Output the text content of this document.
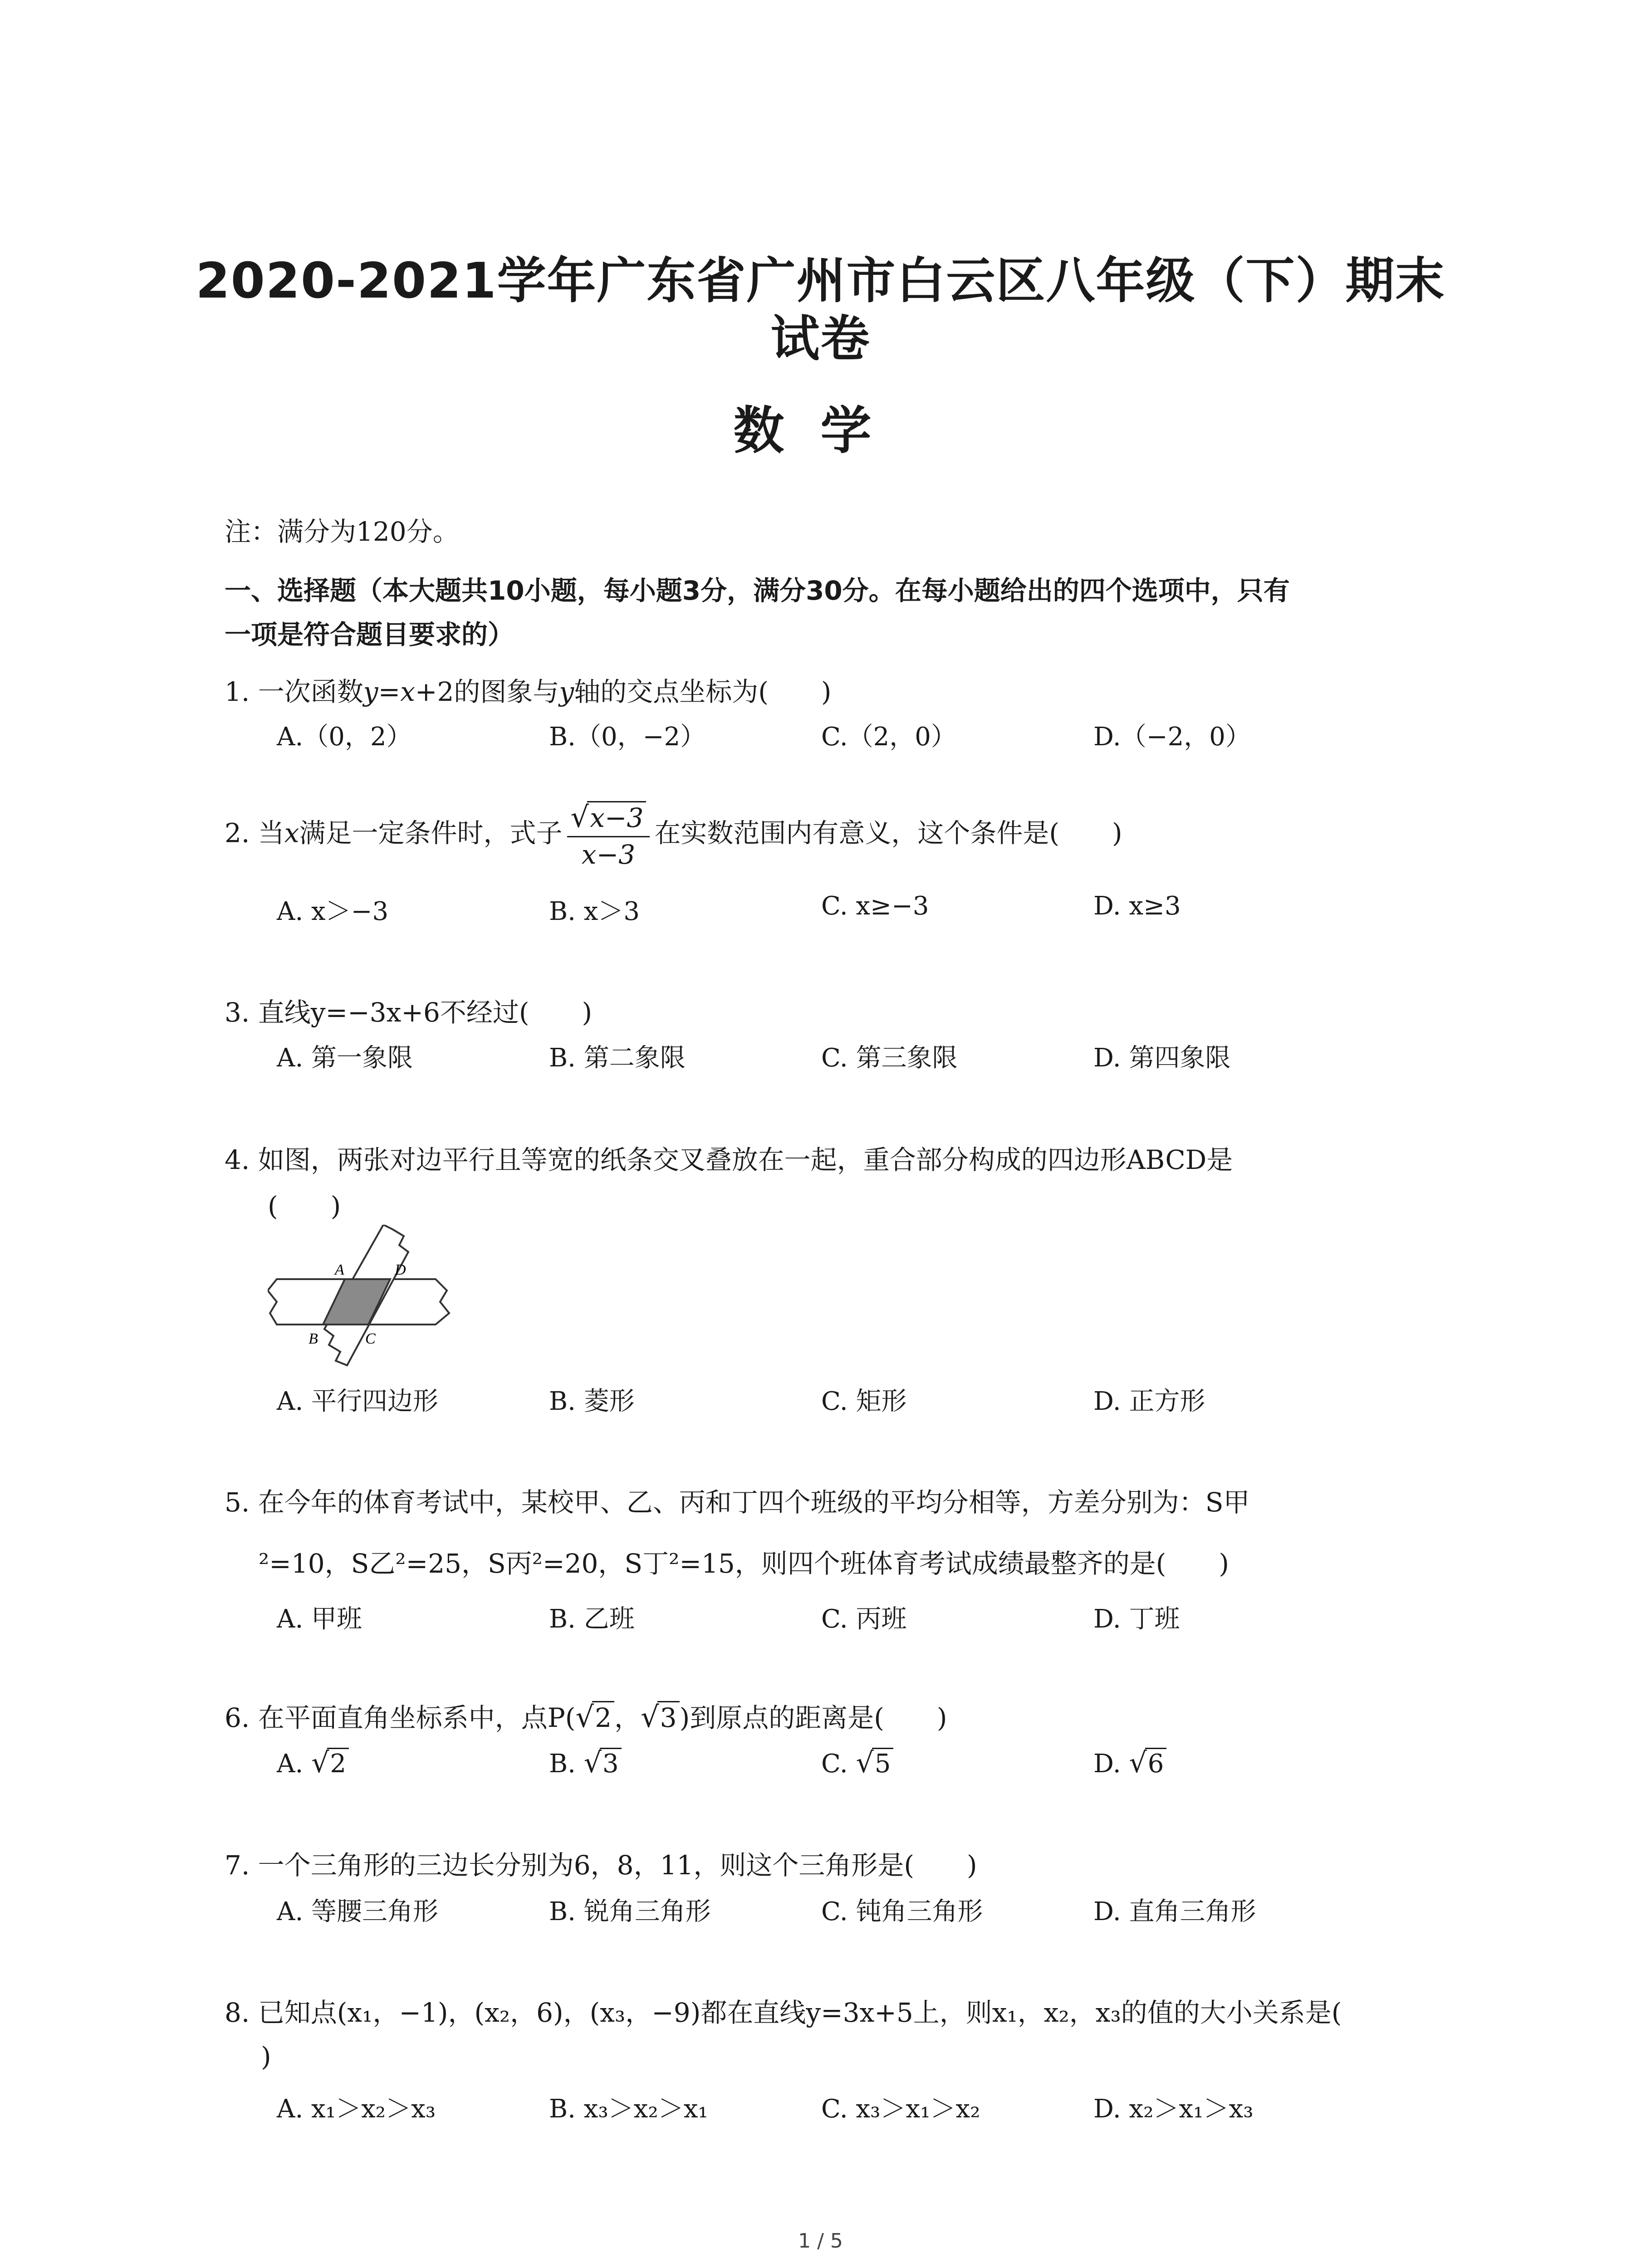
2020-2021学年广东省广州市白云区八年级（下）期末
试卷
数学
注：满分为120分。
一、选择题（本大题共10小题，每小题3分，满分30分。在每小题给出的四个选项中，只有
一项是符合题目要求的）
1. 一次函数y=x+2的图象与y轴的交点坐标为(　　)
A.（0，2）	B.（0，−2）	C.（2，0）	D.（−2，0）
2. 当x满足一定条件时，式子 $\frac{√x-3}{x-3}$ 在实数范围内有意义，这个条件是(　　)
A. x＞−3	B. x＞3	C. x≥−3	D. x≥3
3. 直线y=−3x+6不经过(　　)
A. 第一象限	B. 第二象限	C. 第三象限	D. 第四象限
4. 如图，两张对边平行且等宽的纸条交叉叠放在一起，重合部分构成的四边形ABCD是
(　　)
A
B	C
D
A. 平行四边形	B. 菱形	C. 矩形	D. 正方形
5. 在今年的体育考试中，某校甲、乙、丙和丁四个班级的平均分相等，方差分别为：S甲
²=10，S乙²=25，S丙²=20，S丁²=15，则四个班体育考试成绩最整齐的是(　　)
A. 甲班	B. 乙班	C. 丙班	D. 丁班
6. 在平面直角坐标系中，点P(√2 ，√3 )到原点的距离是(　　)
A. √2	B. √3	C. √5	D. √6
7. 一个三角形的三边长分别为6，8，11，则这个三角形是(　　)
A. 等腰三角形	B. 锐角三角形	C. 钝角三角形	D. 直角三角形
8. 已知点(x₁，−1)，(x₂，6)，(x₃，−9)都在直线y=3x+5上，则x₁，x₂，x₃的值的大小关系是(
)
A. x₁＞x₂＞x₃	B. x₃＞x₂＞x₁	C. x₃＞x₁＞x₂	D. x₂＞x₁＞x₃
1 / 5
